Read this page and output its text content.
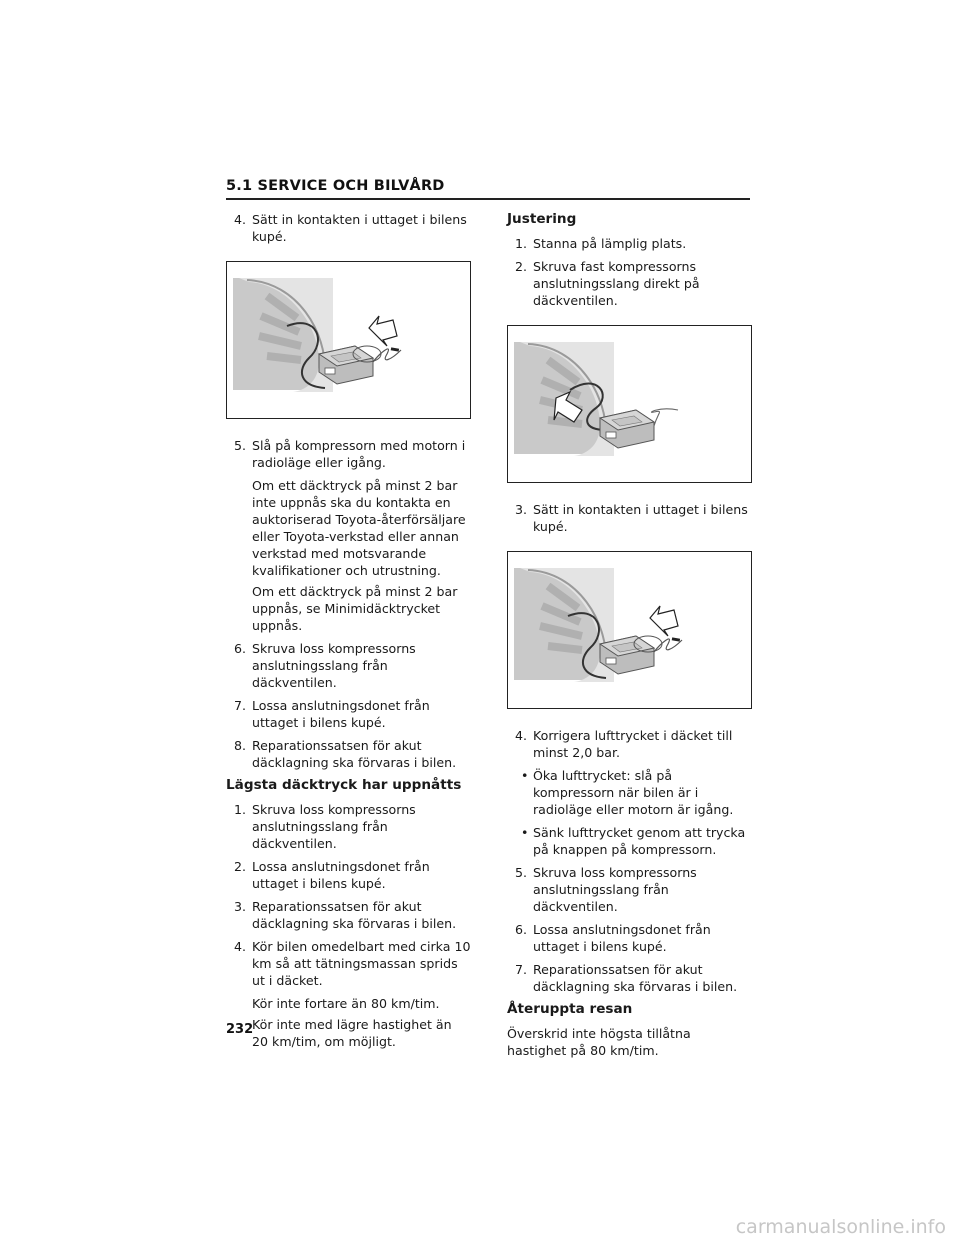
5.1 SERVICE OCH BILVÅRD
4. Sätt in kontakten i uttaget i bilens kupé.
5. Slå på kompressorn med motorn i radioläge eller igång.
Om ett däcktryck på minst 2 bar inte uppnås ska du kontakta en auktoriserad Toyota-återförsäljare eller Toyota-verkstad eller annan verkstad med motsvarande kvalifikationer och utrustning.
Om ett däcktryck på minst 2 bar uppnås, se Minimidäcktrycket uppnås.
6. Skruva loss kompressorns anslutningsslang från däckventilen.
7. Lossa anslutningsdonet från uttaget i bilens kupé.
8. Reparationssatsen för akut däcklagning ska förvaras i bilen.
Lägsta däcktryck har uppnåtts
1. Skruva loss kompressorns anslutningsslang från däckventilen.
2. Lossa anslutningsdonet från uttaget i bilens kupé.
3. Reparationssatsen för akut däcklagning ska förvaras i bilen.
4. Kör bilen omedelbart med cirka 10 km så att tätningsmassan sprids ut i däcket.
Kör inte fortare än 80 km/tim.
Kör inte med lägre hastighet än 20 km/tim, om möjligt.
Justering
1. Stanna på lämplig plats.
2. Skruva fast kompressorns anslutningsslang direkt på däckventilen.
3. Sätt in kontakten i uttaget i bilens kupé.
4. Korrigera lufttrycket i däcket till minst 2,0 bar.
• Öka lufttrycket: slå på kompressorn när bilen är i radioläge eller motorn är igång.
• Sänk lufttrycket genom att trycka på knappen på kompressorn.
5. Skruva loss kompressorns anslutningsslang från däckventilen.
6. Lossa anslutningsdonet från uttaget i bilens kupé.
7. Reparationssatsen för akut däcklagning ska förvaras i bilen.
Återuppta resan
Överskrid inte högsta tillåtna hastighet på 80 km/tim.
232
carmanualsonline.info
